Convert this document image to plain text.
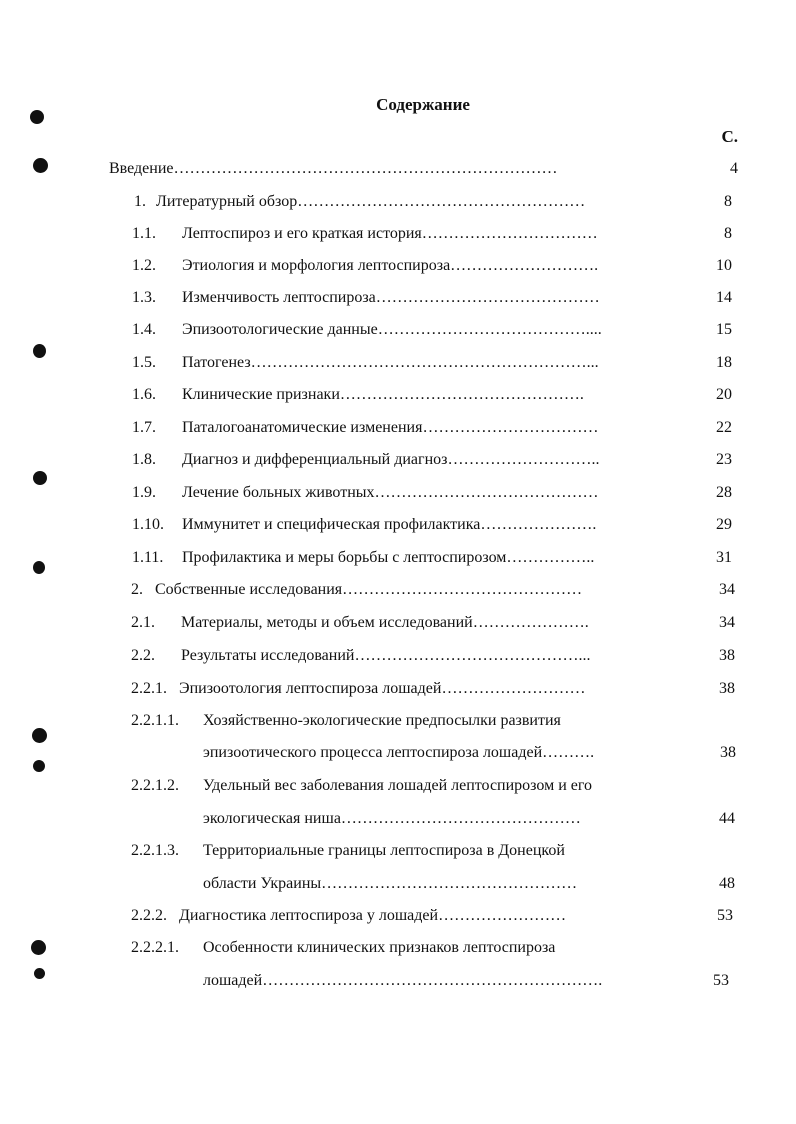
Содержание
С.
Введение………………………………………………………………	4
1. Литературный обзор………………………………………………	8
1.1. Лептоспироз и его краткая история……………………………	8
1.2. Этиология и морфология лептоспироза……………………….	10
1.3. Изменчивость лептоспироза……………………………………	14
1.4. Эпизоотологические данные…………………………………....	15
1.5. Патогенез………………………………………………………...	18
1.6. Клинические признаки……………………………………….	20
1.7. Паталогоанатомические изменения……………………………	22
1.8. Диагноз и дифференциальный диагноз………………………..	23
1.9. Лечение больных животных……………………………………	28
1.10. Иммунитет и специфическая профилактика………………….	29
1.11. Профилактика и меры борьбы с лептоспирозом……………..	31
2. Собственные исследования………………………………………	34
2.1. Материалы, методы и объем исследований………………….	34
2.2. Результаты исследований……………………………………...	38
2.2.1. Эпизоотология лептоспироза лошадей………………………	38
2.2.1.1. Хозяйственно-экологические предпосылки развития
эпизоотического процесса лептоспироза лошадей……….	38
2.2.1.2. Удельный вес заболевания лошадей лептоспирозом и его
экологическая ниша………………………………………	44
2.2.1.3. Территориальные границы лептоспироза в Донецкой
области Украины…………………………………………	48
2.2.2. Диагностика лептоспироза у лошадей……………………	53
2.2.2.1. Особенности клинических признаков лептоспироза
лошадей……………………………………………………….	53
